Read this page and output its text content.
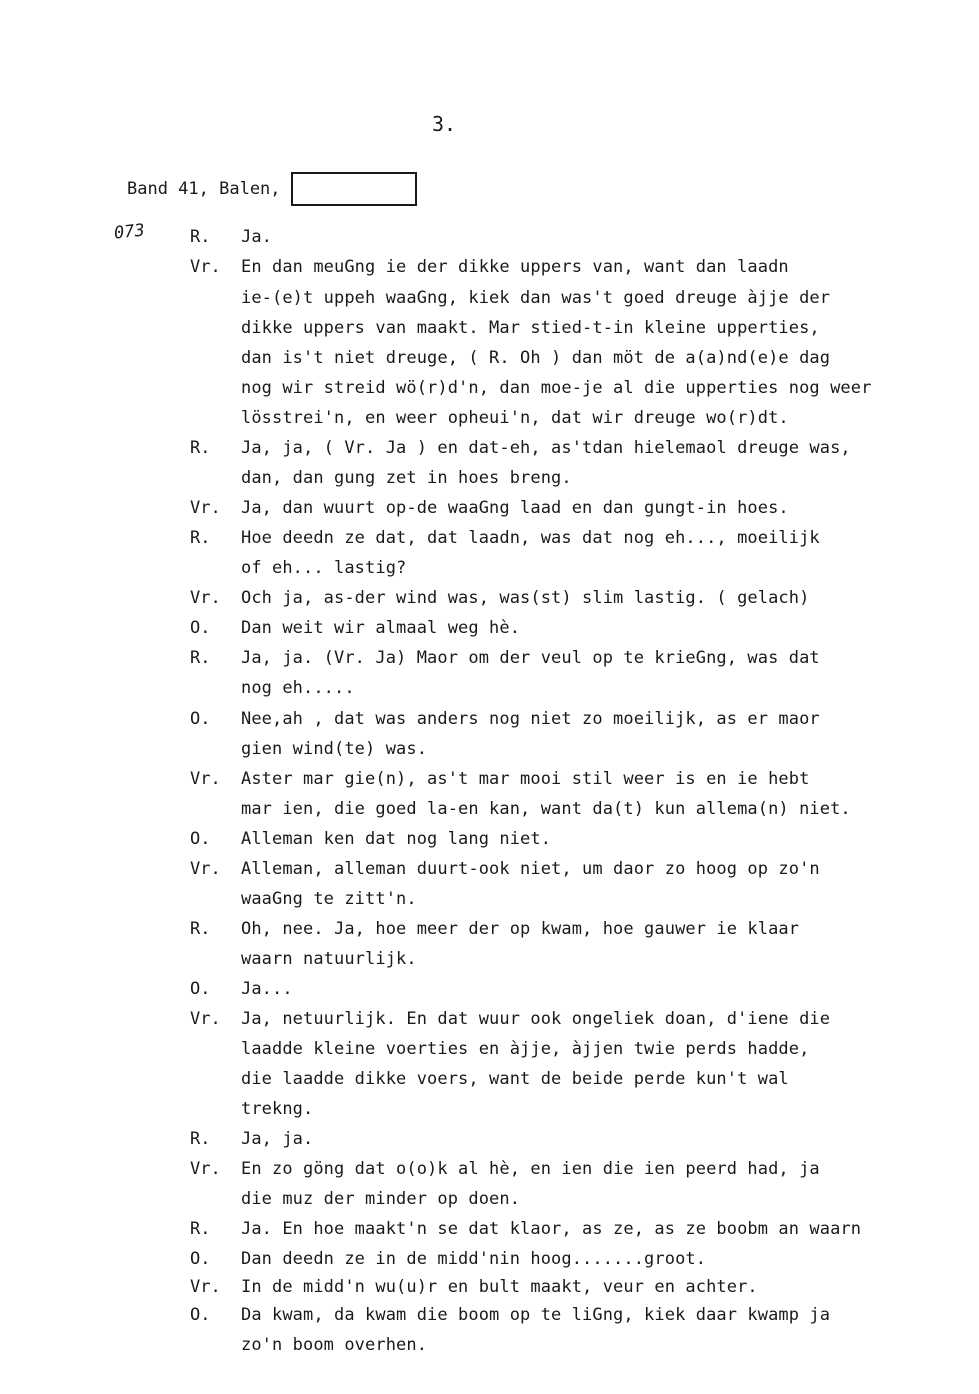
3.
Band 41, Balen,
073	R. Ja.
Vr. En dan meuGng ie der dikke uppers van, want dan laadn
ie-(e)t uppeh waaGng, kiek dan was't goed dreuge àjje der
dikke uppers van maakt. Mar stied-t-in kleine upperties,
dan is't niet dreuge, ( R. Oh ) dan möt de a(a)nd(e)e dag
nog wir streid wö(r)d'n, dan moe-je al die upperties nog weer
lösstrei'n, en weer opheui'n, dat wir dreuge wo(r)dt.
R. Ja, ja, ( Vr. Ja ) en dat-eh, as'tdan hielemaol dreuge was,
dan, dan gung zet in hoes breng.
Vr. Ja, dan wuurt op-de waaGng laad en dan gungt-in hoes.
R. Hoe deedn ze dat, dat laadn, was dat nog eh..., moeilijk
of eh... lastig?
Vr. Och ja, as-der wind was, was(st) slim lastig. ( gelach)
O. Dan weit wir almaal weg hè.
R. Ja, ja. (Vr. Ja) Maor om der veul op te krieGng, was dat
nog eh.....
O. Nee,ah , dat was anders nog niet zo moeilijk, as er maor
gien wind(te) was.
Vr. Aster mar gie(n), as't mar mooi stil weer is en ie hebt
mar ien, die goed la-en kan, want da(t) kun allema(n) niet.
O. Alleman ken dat nog lang niet.
Vr. Alleman, alleman duurt-ook niet, um daor zo hoog op zo'n
waaGng te zitt'n.
R. Oh, nee. Ja, hoe meer der op kwam, hoe gauwer ie klaar
waarn natuurlijk.
O. Ja...
Vr. Ja, netuurlijk. En dat wuur ook ongeliek doan, d'iene die
laadde kleine voerties en àjje, àjjen twie perds hadde,
die laadde dikke voers, want de beide perde kun't wal
trekng.
R. Ja, ja.
Vr. En zo göng dat o(o)k al hè, en ien die ien peerd had, ja
die muz der minder op doen.
R. Ja. En hoe maakt'n se dat klaor, as ze, as ze boobm an waarn
O. Dan deedn ze in de midd'nin hoog.......groot.
Vr. In de midd'n wu(u)r en bult maakt, veur en achter.
O. Da kwam, da kwam die boom op te liGng, kiek daar kwamp ja
zo'n boom overhen.
